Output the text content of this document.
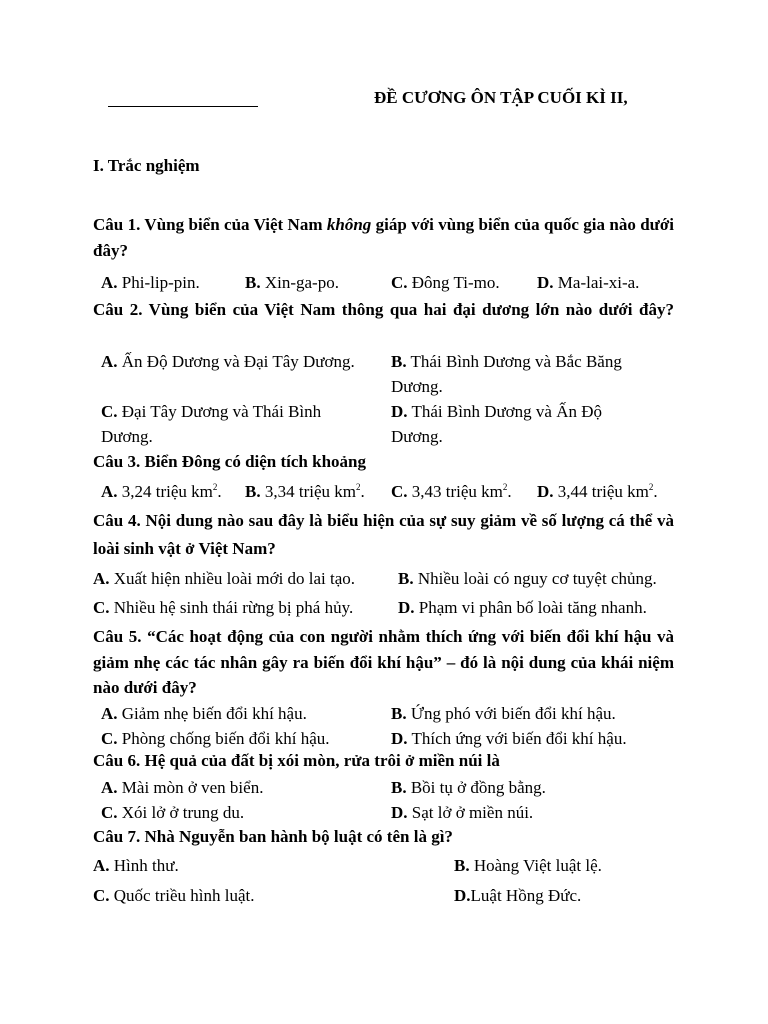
ĐỀ CƯƠNG ÔN TẬP CUỐI KÌ II,
I. Trắc nghiệm
Câu 1. Vùng biển của Việt Nam không giáp với vùng biển của quốc gia nào dưới đây?
A. Phi-lip-pin.	B. Xin-ga-po.	C. Đông Ti-mo. D. Ma-lai-xi-a.
Câu 2. Vùng biển của Việt Nam thông qua hai đại dương lớn nào dưới đây?
A. Ấn Độ Dương và Đại Tây Dương.	B. Thái Bình Dương và Bắc Băng Dương.
C. Đại Tây Dương và Thái Bình Dương.
D. Thái Bình Dương và Ấn Độ Dương.
Câu 3. Biển Đông có diện tích khoảng
A. 3,24 triệu $km^2$. B. 3,34 triệu $km^2$. C. 3,43 triệu $km^2$. D. 3,44 triệu $km^2$.
Câu 4. Nội dung nào sau đây là biểu hiện của sự suy giảm về số lượng cá thể và loài sinh vật ở Việt Nam?
A. Xuất hiện nhiều loài mới do lai tạo.	B. Nhiều loài có nguy cơ tuyệt chủng.
C. Nhiều hệ sinh thái rừng bị phá hủy.	D. Phạm vi phân bố loài tăng nhanh.
Câu 5. “Các hoạt động của con người nhằm thích ứng với biến đổi khí hậu và giảm nhẹ các tác nhân gây ra biến đổi khí hậu” – đó là nội dung của khái niệm nào dưới đây?
A. Giảm nhẹ biến đổi khí hậu.	B. Ứng phó với biến đổi khí hậu.
C. Phòng chống biến đổi khí hậu.	D. Thích ứng với biến đổi khí hậu.
Câu 6. Hệ quả của đất bị xói mòn, rửa trôi ở miền núi là
A. Mài mòn ở ven biển.	B. Bồi tụ ở đồng bằng.
C. Xói lở ở trung du.	D. Sạt lở ở miền núi.
Câu 7. Nhà Nguyễn ban hành bộ luật có tên là gì?
A. Hình thư.	B. Hoàng Việt luật lệ.
C. Quốc triều hình luật.	D.Luật Hồng Đức.
